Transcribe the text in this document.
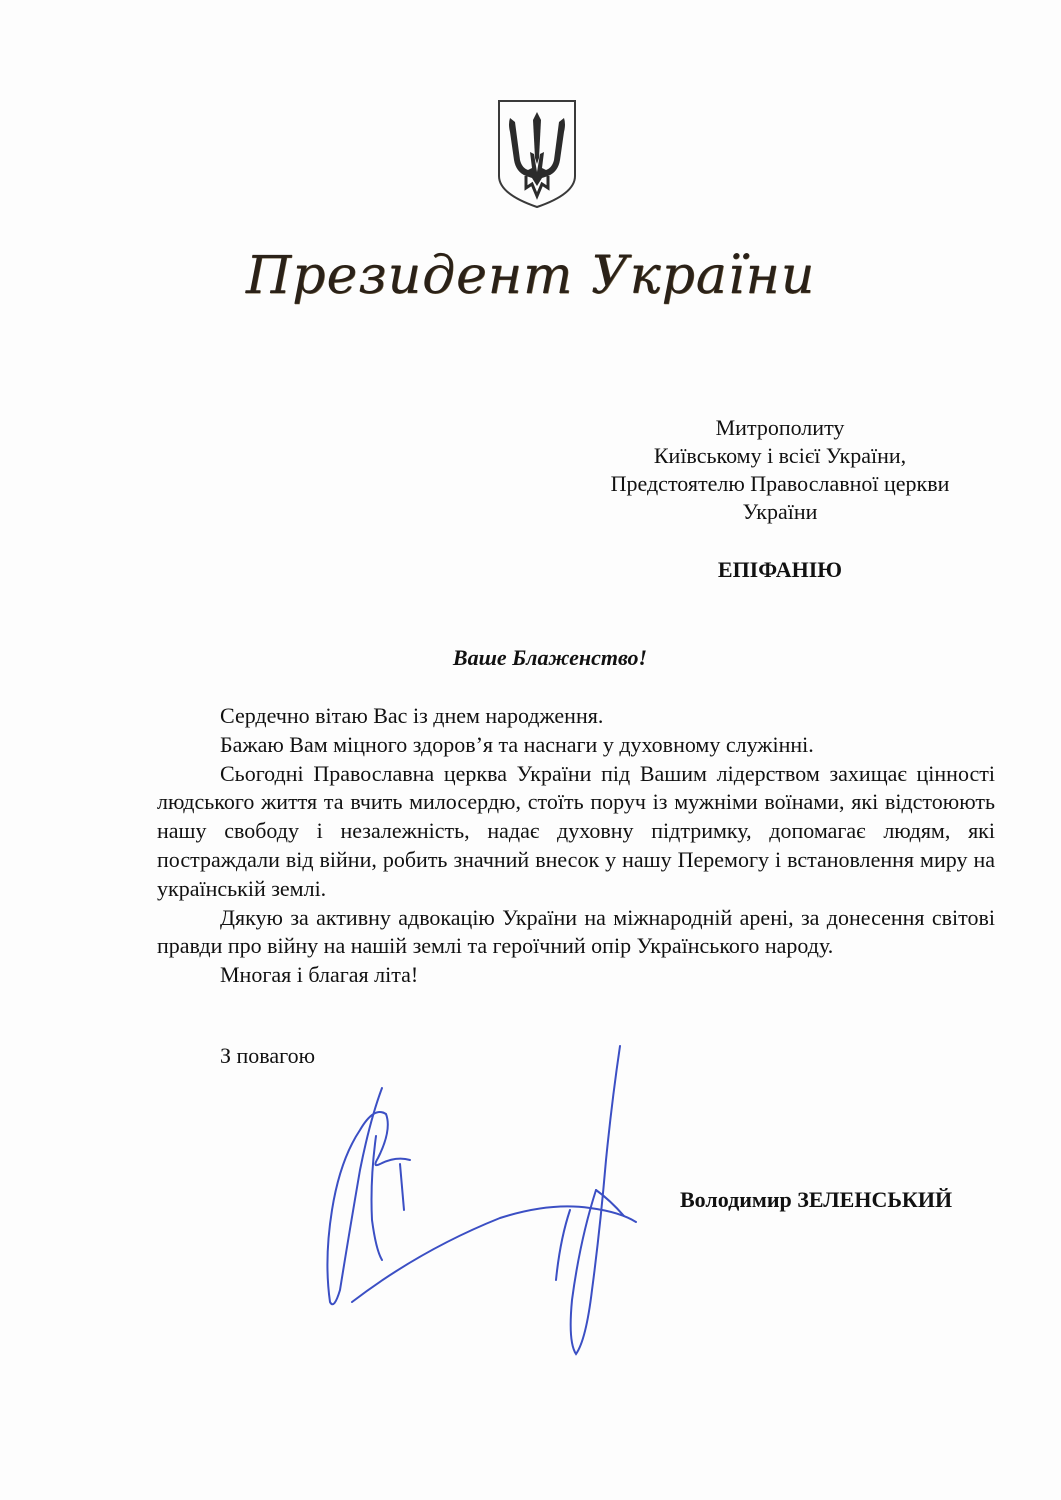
Президент України
Митрополиту
Київському і всієї України,
Предстоятелю Православної церкви
України
ЕПІФАНІЮ
Ваше Блаженство!

Сердечно вітаю Вас із днем народження.

Бажаю Вам міцного здоров’я та наснаги у духовному служінні.

Сьогодні Православна церква України під Вашим лідерством захищає цінності людського життя та вчить милосердю, стоїть поруч із мужніми воїнами, які відстоюють нашу свободу і незалежність, надає духовну підтримку, допомагає людям, які постраждали від війни, робить значний внесок у нашу Перемогу і встановлення миру на українській землі.

Дякую за активну адвокацію України на міжнародній арені, за донесення світові правди про війну на нашій землі та героїчний опір Українського народу.

Многая і благая літа!

З повагою
Володимир ЗЕЛЕНСЬКИЙ
